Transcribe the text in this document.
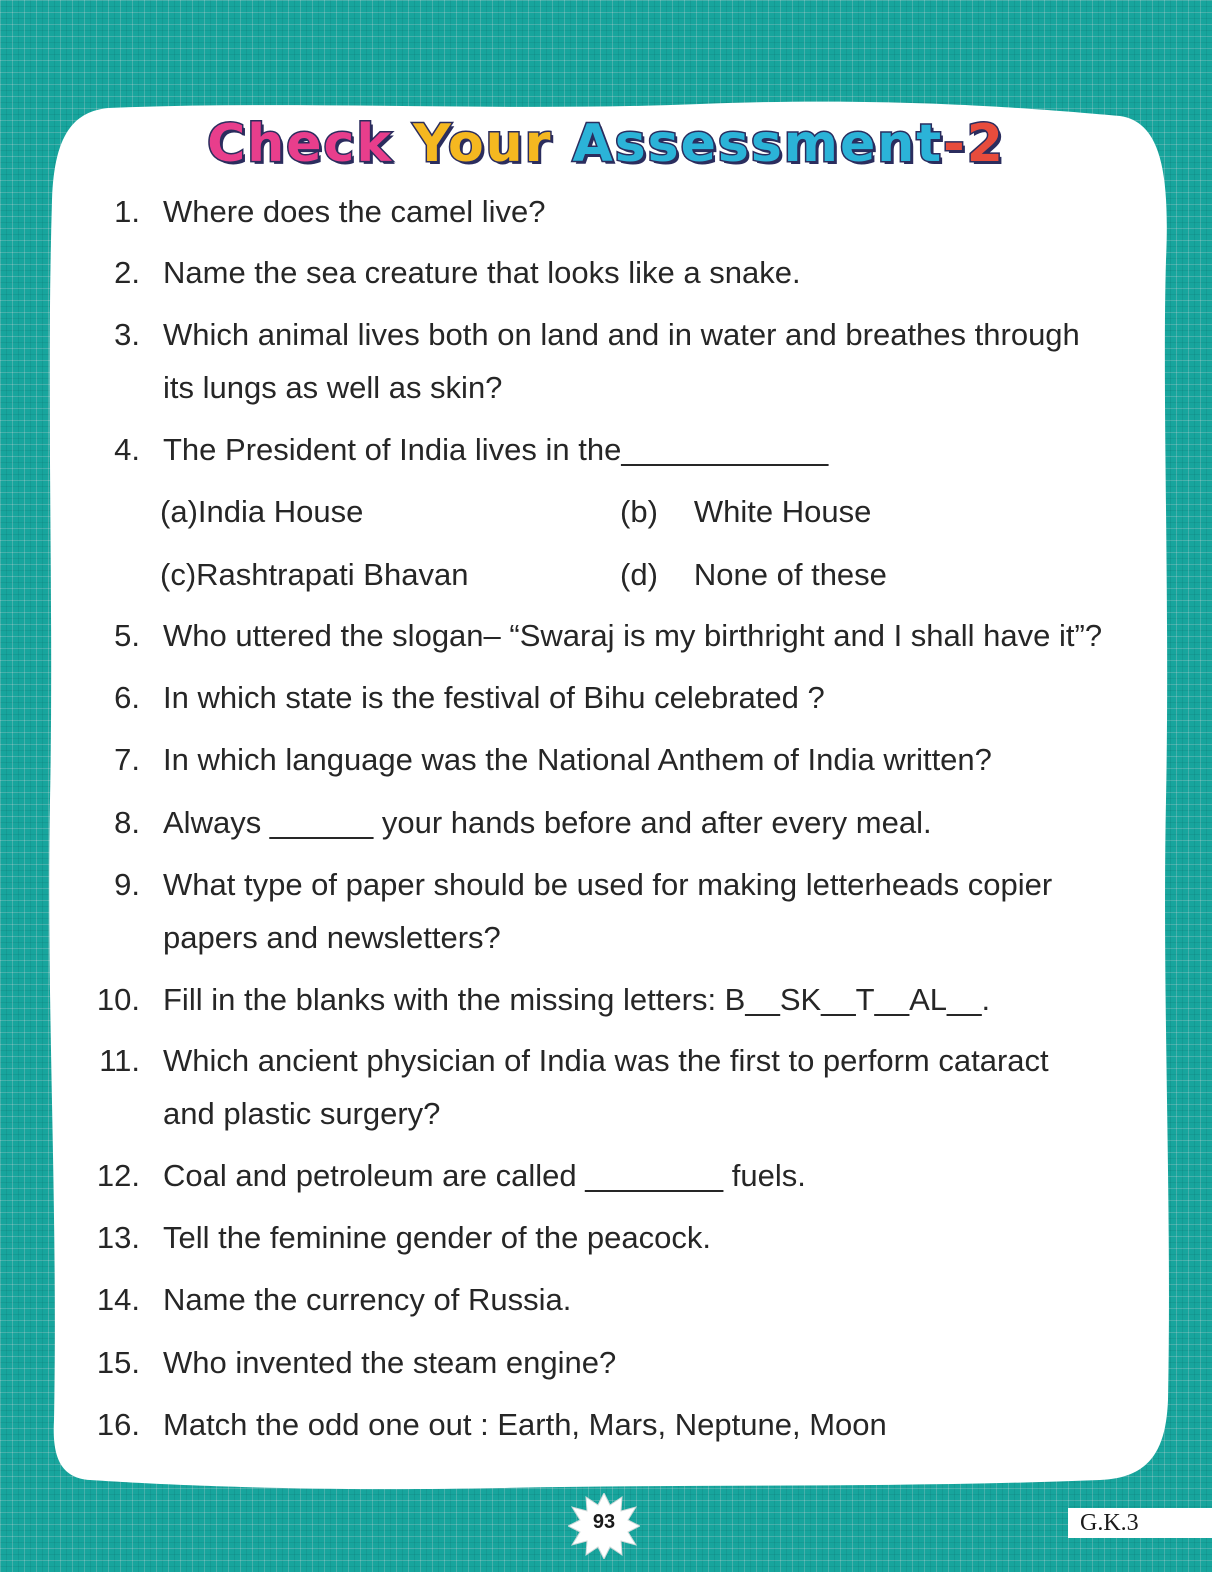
Check Your Assessment-2
1. Where does the camel live?
2. Name the sea creature that looks like a snake.
3. Which animal lives both on land and in water and breathes through
its lungs as well as skin?
4. The President of India lives in the____________
(a)India House	(b) White House
(c)Rashtrapati Bhavan	(d) None of these
5. Who uttered the slogan– “Swaraj is my birthright and I shall have it”?
6. In which state is the festival of Bihu celebrated ?
7. In which language was the National Anthem of India written?
8. Always ______ your hands before and after every meal.
9. What type of paper should be used for making letterheads copier
papers and newsletters?
10. Fill in the blanks with the missing letters: B__SK__T__AL__.
11. Which ancient physician of India was the first to perform cataract
and plastic surgery?
12. Coal and petroleum are called ________ fuels.
13. Tell the feminine gender of the peacock.
14. Name the currency of Russia.
15. Who invented the steam engine?
16. Match the odd one out : Earth, Mars, Neptune, Moon
93	G.K.3
